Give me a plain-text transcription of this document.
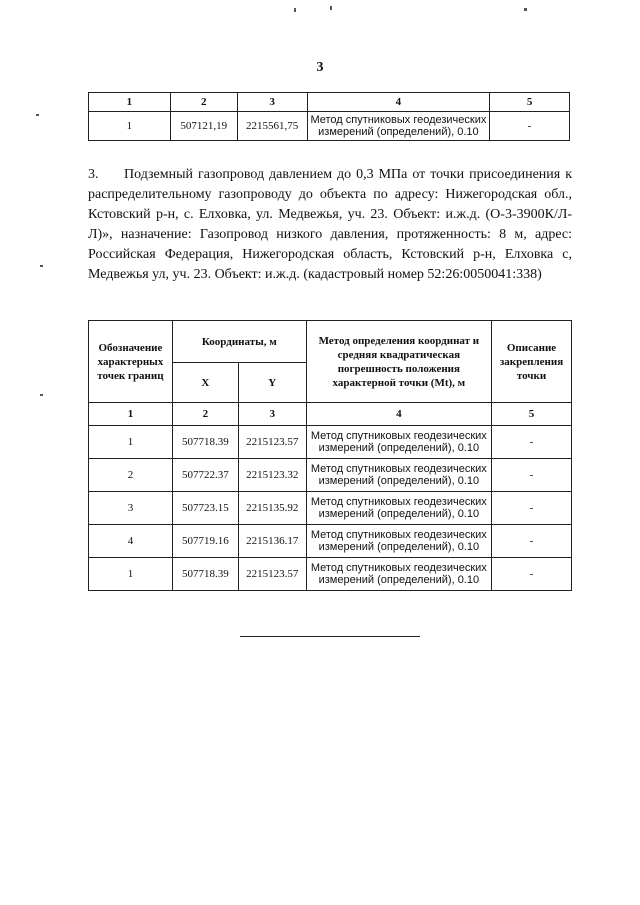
3
1	2	3	4	5
1	507121,19	2215561,75	Метод спутниковых геодезических измерений (определений), 0.10	-
3. Подземный газопровод давлением до 0,3 МПа от точки присоединения к распределительному газопроводу до объекта по адресу: Нижегородская обл., Кстовский р-н, с. Елховка, ул. Медвежья, уч. 23. Объект: и.ж.д. (О-3-3900К/Л-Л)», назначение: Газопровод низкого давления, протяженность: 8 м, адрес: Российская Федерация, Нижегородская область, Кстовский р-н, Елховка с, Медвежья ул, уч. 23. Объект: и.ж.д. (кадастровый номер 52:26:0050041:338)
Обозначение характерных точек границ	Координаты, м		Метод определения координат и средняя квадратическая погрешность положения характерной точки (Mt), м	Описание закрепления точки
	X	Y		
1	2	3	4	5
1	507718.39	2215123.57	Метод спутниковых геодезических измерений (определений), 0.10	-
2	507722.37	2215123.32	Метод спутниковых геодезических измерений (определений), 0.10	-
3	507723.15	2215135.92	Метод спутниковых геодезических измерений (определений), 0.10	-
4	507719.16	2215136.17	Метод спутниковых геодезических измерений (определений), 0.10	-
1	507718.39	2215123.57	Метод спутниковых геодезических измерений (определений), 0.10	-
